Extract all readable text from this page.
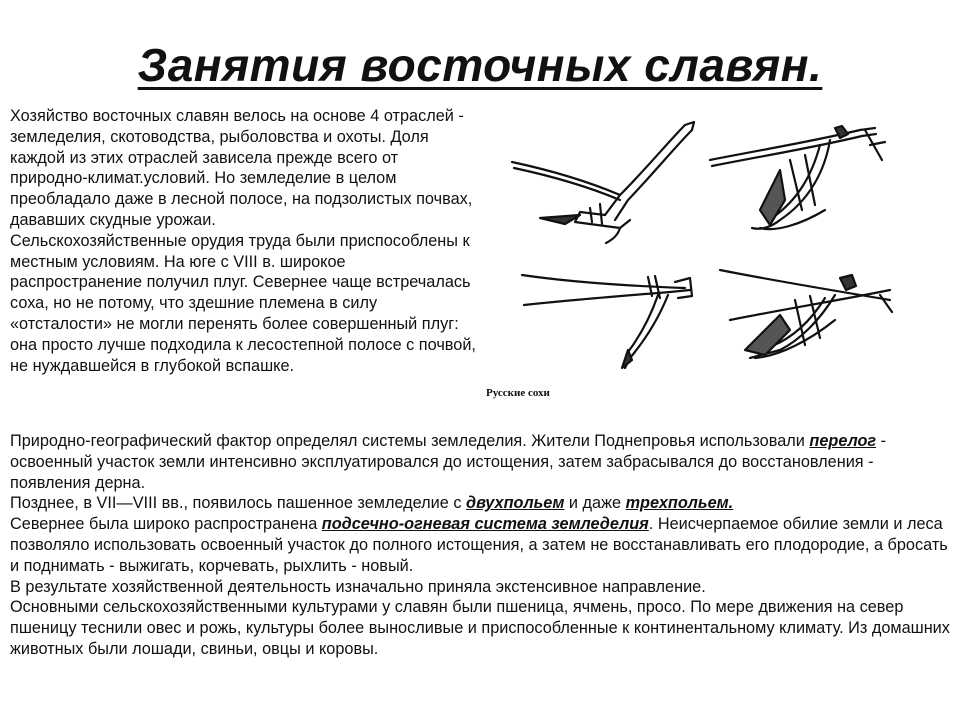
Занятия восточных славян.

Хозяйство восточных славян велось на основе 4 отраслей - земледелия, скотоводства, рыболовства и охоты. Доля каждой из этих отраслей зависела прежде всего от природно-климат.условий. Но земледелие в целом преобладало даже в лесной полосе, на подзолистых почвах, дававших скудные урожаи.

Сельскохозяйственные орудия труда были приспособлены к местным условиям. На юге с VIII в. широкое распространение получил плуг. Севернее чаще встречалась соха, но не потому, что здешние племена в силу «отсталости» не могли перенять более совершенный плуг: она просто лучше подходила к лесостепной полосе с почвой, не нуждавшейся в глубокой вспашке.

Русские сохи

Природно-географический фактор определял системы земледелия. Жители Поднепровья использовали перелог - освоенный участок земли интенсивно эксплуатировался до истощения, затем забрасывался до восстановления - появления дерна.

Позднее, в VII—VIII вв., появилось пашенное земледелие с двухпольем и даже трехпольем.

Севернее была широко распространена подсечно-огневая система земледелия. Неисчерпаемое обилие земли и леса позволяло использовать освоенный участок до полного истощения, а затем не восстанавливать его плодородие, а бросать и поднимать - выжигать, корчевать, рыхлить - новый.

В результате хозяйственной деятельность изначально приняла экстенсивное направление.

Основными сельскохозяйственными культурами у славян были пшеница, ячмень, просо. По мере движения на север пшеницу теснили овес и рожь, культуры более выносливые и приспособленные к континентальному климату. Из домашних животных были лошади, свиньи, овцы и коровы.
